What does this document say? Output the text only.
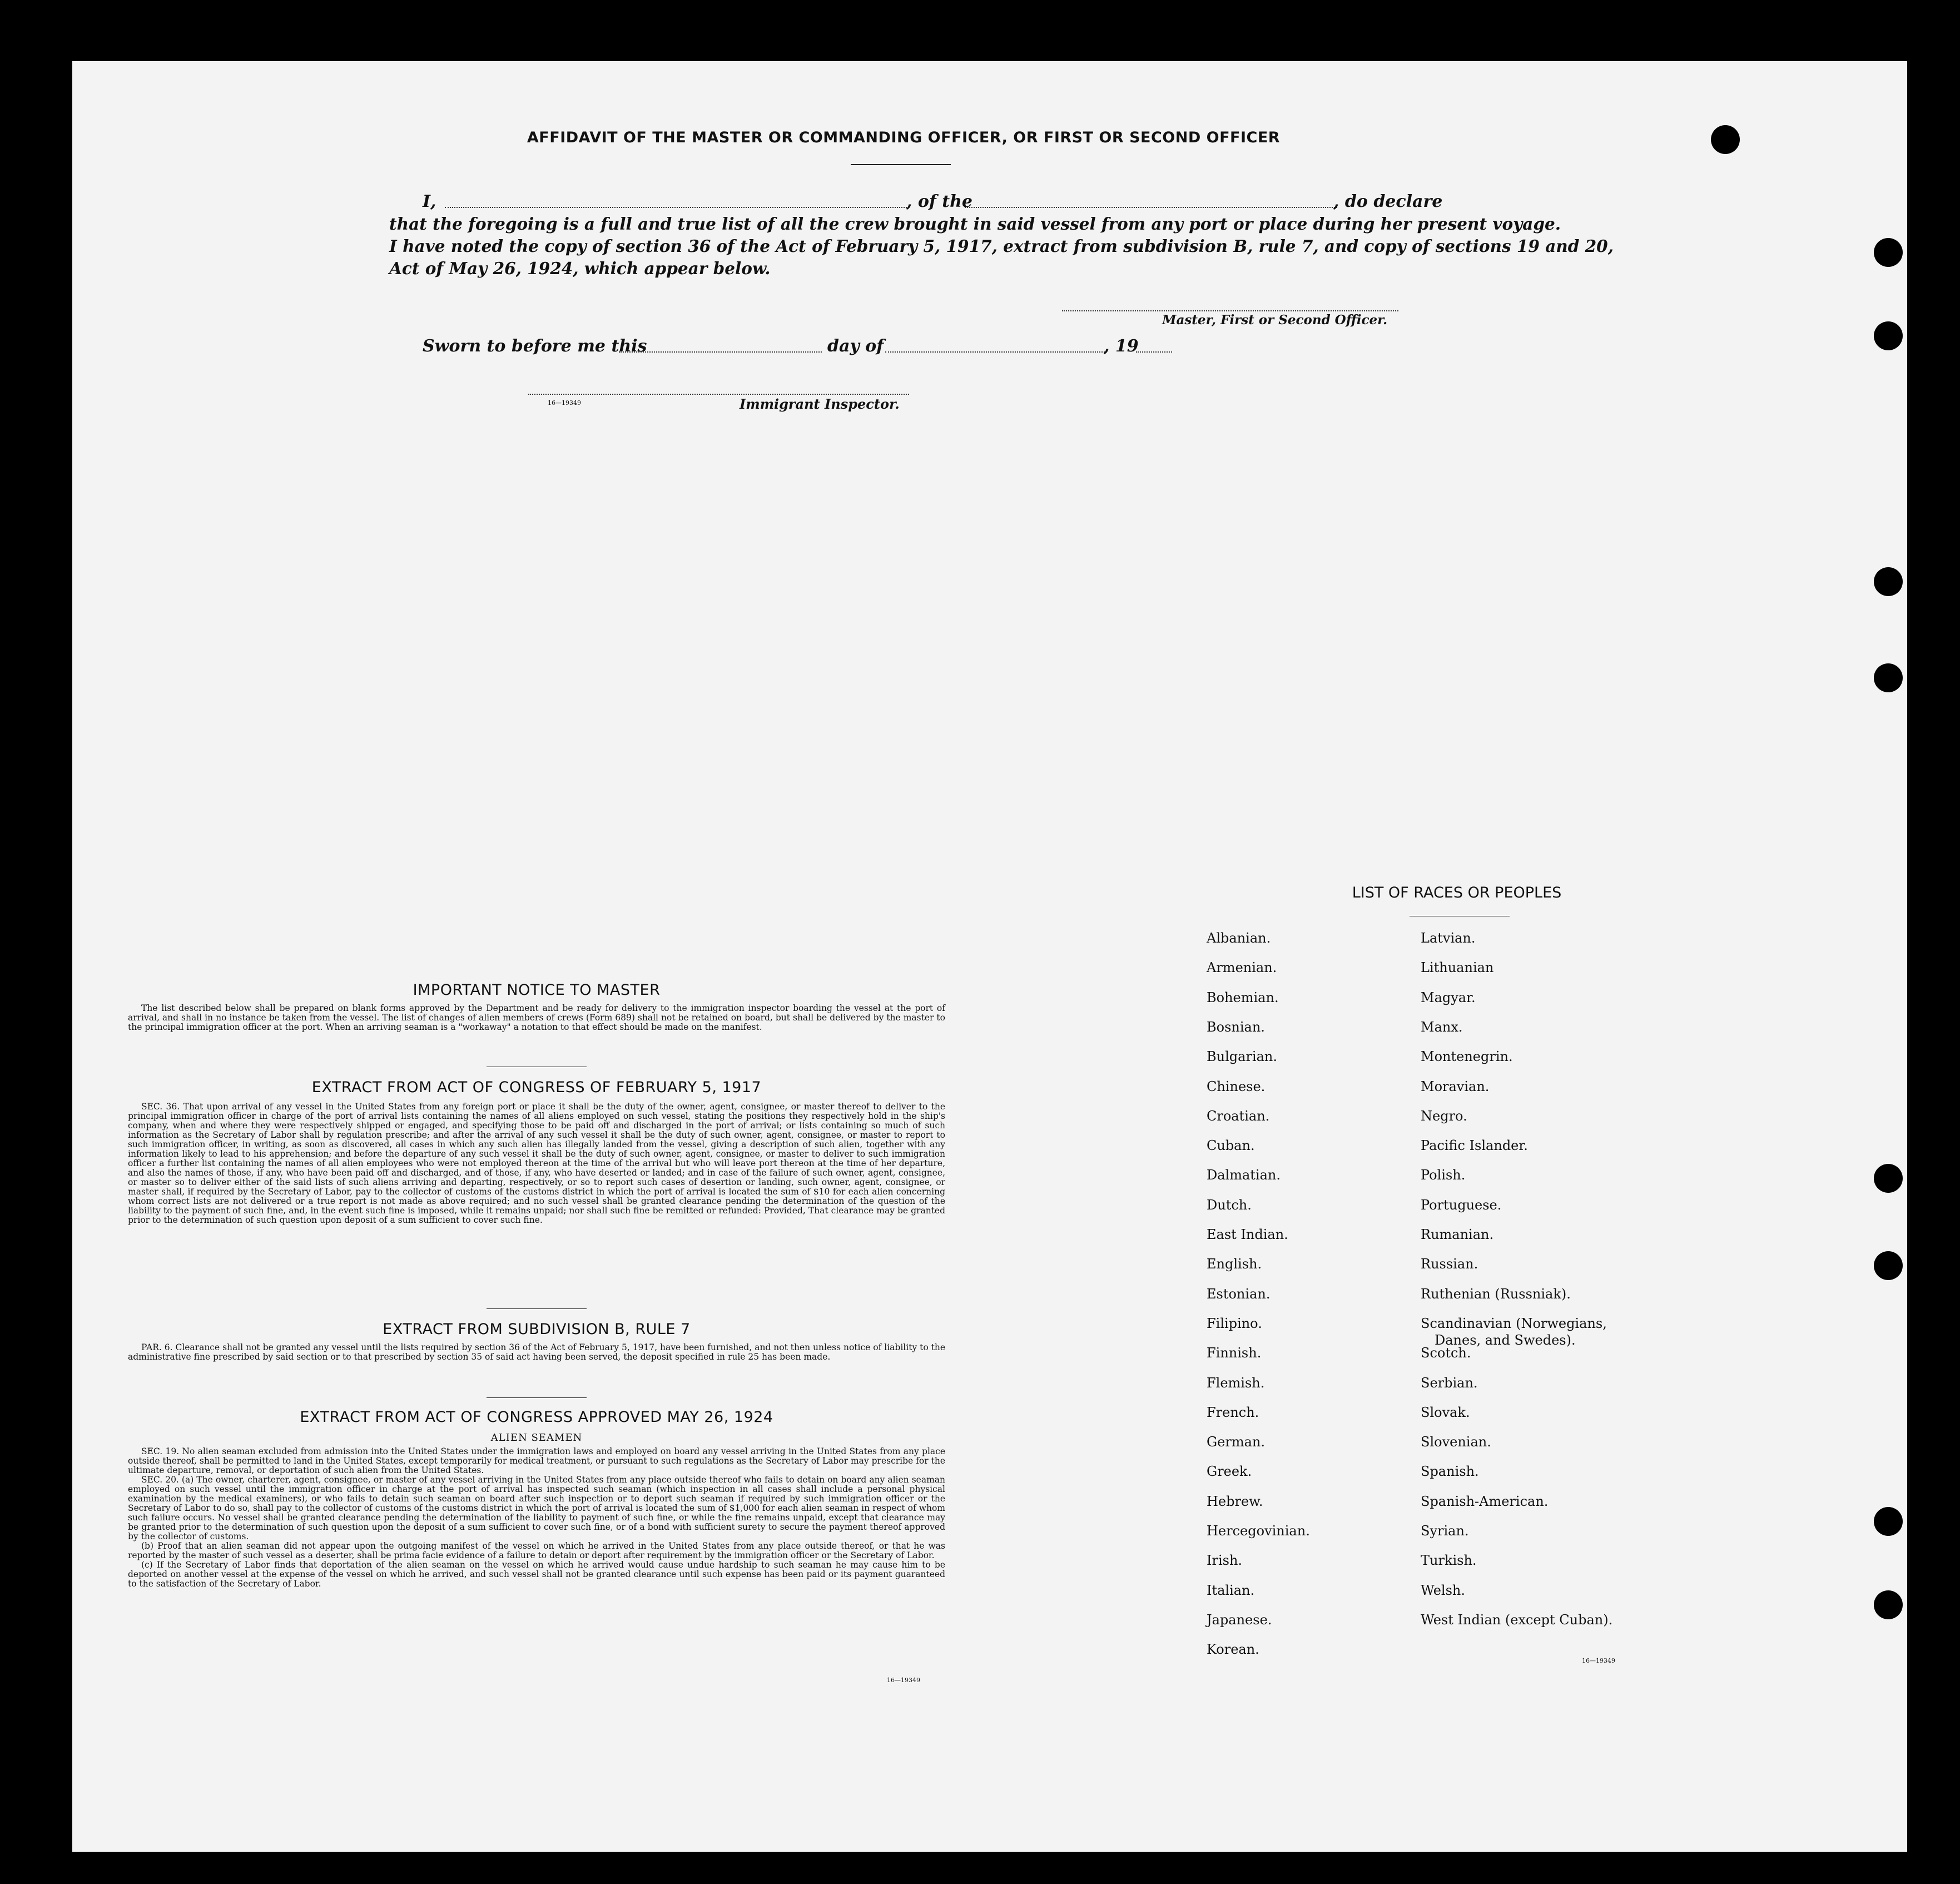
AFFIDAVIT OF THE MASTER OR COMMANDING OFFICER, OR FIRST OR SECOND OFFICER
I,	, of the	, do declare
that the foregoing is a full and true list of all the crew brought in said vessel from any port or place during her present voyage.
I have noted the copy of section 36 of the Act of February 5, 1917, extract from subdivision B, rule 7, and copy of sections 19 and 20,
Act of May 26, 1924, which appear below.
Master, First or Second Officer.
Sworn to before me this	day of	, 19
16—19349	Immigrant Inspector.
IMPORTANT NOTICE TO MASTER
The list described below shall be prepared on blank forms approved by the Department and be ready for delivery to the immigration inspector boarding the vessel at the port of arrival, and shall in no instance be taken from the vessel. The list of changes of alien members of crews (Form 689) shall not be retained on board, but shall be delivered by the master to the principal immigration officer at the port. When an arriving seaman is a "workaway" a notation to that effect should be made on the manifest.
EXTRACT FROM ACT OF CONGRESS OF FEBRUARY 5, 1917
SEC. 36. That upon arrival of any vessel in the United States from any foreign port or place it shall be the duty of the owner, agent, consignee, or master thereof to deliver to the principal immigration officer in charge of the port of arrival lists containing the names of all aliens employed on such vessel, stating the positions they respectively hold in the ship's company, when and where they were respectively shipped or engaged, and specifying those to be paid off and discharged in the port of arrival; or lists containing so much of such information as the Secretary of Labor shall by regulation prescribe; and after the arrival of any such vessel it shall be the duty of such owner, agent, consignee, or master to report to such immigration officer, in writing, as soon as discovered, all cases in which any such alien has illegally landed from the vessel, giving a description of such alien, together with any information likely to lead to his apprehension; and before the departure of any such vessel it shall be the duty of such owner, agent, consignee, or master to deliver to such immigration officer a further list containing the names of all alien employees who were not employed thereon at the time of the arrival but who will leave port thereon at the time of her departure, and also the names of those, if any, who have been paid off and discharged, and of those, if any, who have deserted or landed; and in case of the failure of such owner, agent, consignee, or master so to deliver either of the said lists of such aliens arriving and departing, respectively, or so to report such cases of desertion or landing, such owner, agent, consignee, or master shall, if required by the Secretary of Labor, pay to the collector of customs of the customs district in which the port of arrival is located the sum of $10 for each alien concerning whom correct lists are not delivered or a true report is not made as above required; and no such vessel shall be granted clearance pending the determination of the question of the liability to the payment of such fine, and, in the event such fine is imposed, while it remains unpaid; nor shall such fine be remitted or refunded: Provided, That clearance may be granted prior to the determination of such question upon deposit of a sum sufficient to cover such fine.
EXTRACT FROM SUBDIVISION B, RULE 7
PAR. 6. Clearance shall not be granted any vessel until the lists required by section 36 of the Act of February 5, 1917, have been furnished, and not then unless notice of liability to the administrative fine prescribed by said section or to that prescribed by section 35 of said act having been served, the deposit specified in rule 25 has been made.
EXTRACT FROM ACT OF CONGRESS APPROVED MAY 26, 1924
ALIEN SEAMEN

SEC. 19. No alien seaman excluded from admission into the United States under the immigration laws and employed on board any vessel arriving in the United States from any place outside thereof, shall be permitted to land in the United States, except temporarily for medical treatment, or pursuant to such regulations as the Secretary of Labor may prescribe for the ultimate departure, removal, or deportation of such alien from the United States.

SEC. 20. (a) The owner, charterer, agent, consignee, or master of any vessel arriving in the United States from any place outside thereof who fails to detain on board any alien seaman employed on such vessel until the immigration officer in charge at the port of arrival has inspected such seaman (which inspection in all cases shall include a personal physical examination by the medical examiners), or who fails to detain such seaman on board after such inspection or to deport such seaman if required by such immigration officer or the Secretary of Labor to do so, shall pay to the collector of customs of the customs district in which the port of arrival is located the sum of $1,000 for each alien seaman in respect of whom such failure occurs. No vessel shall be granted clearance pending the determination of the liability to payment of such fine, or while the fine remains unpaid, except that clearance may be granted prior to the determination of such question upon the deposit of a sum sufficient to cover such fine, or of a bond with sufficient surety to secure the payment thereof approved by the collector of customs.

(b) Proof that an alien seaman did not appear upon the outgoing manifest of the vessel on which he arrived in the United States from any place outside thereof, or that he was reported by the master of such vessel as a deserter, shall be prima facie evidence of a failure to detain or deport after requirement by the immigration officer or the Secretary of Labor.

(c) If the Secretary of Labor finds that deportation of the alien seaman on the vessel on which he arrived would cause undue hardship to such seaman he may cause him to be deported on another vessel at the expense of the vessel on which he arrived, and such vessel shall not be granted clearance until such expense has been paid or its payment guaranteed to the satisfaction of the Secretary of Labor.

16—19349
LIST OF RACES OR PEOPLES
16—19349
Albanian.
Armenian.
Bohemian.
Bosnian.
Bulgarian.
Chinese.
Croatian.
Cuban.
Dalmatian.
Dutch.
East Indian.
English.
Estonian.
Filipino.
Finnish.
Flemish.
French.
German.
Greek.
Hebrew.
Hercegovinian.
Irish.
Italian.
Japanese.
Korean.
Latvian.
Lithuanian
Magyar.
Manx.
Montenegrin.
Moravian.
Negro.
Pacific Islander.
Polish.
Portuguese.
Rumanian.
Russian.
Ruthenian (Russniak).
Scandinavian (Norwegians,
Danes, and Swedes).
Scotch.
Serbian.
Slovak.
Slovenian.
Spanish.
Spanish-American.
Syrian.
Turkish.
Welsh.
West Indian (except Cuban).
